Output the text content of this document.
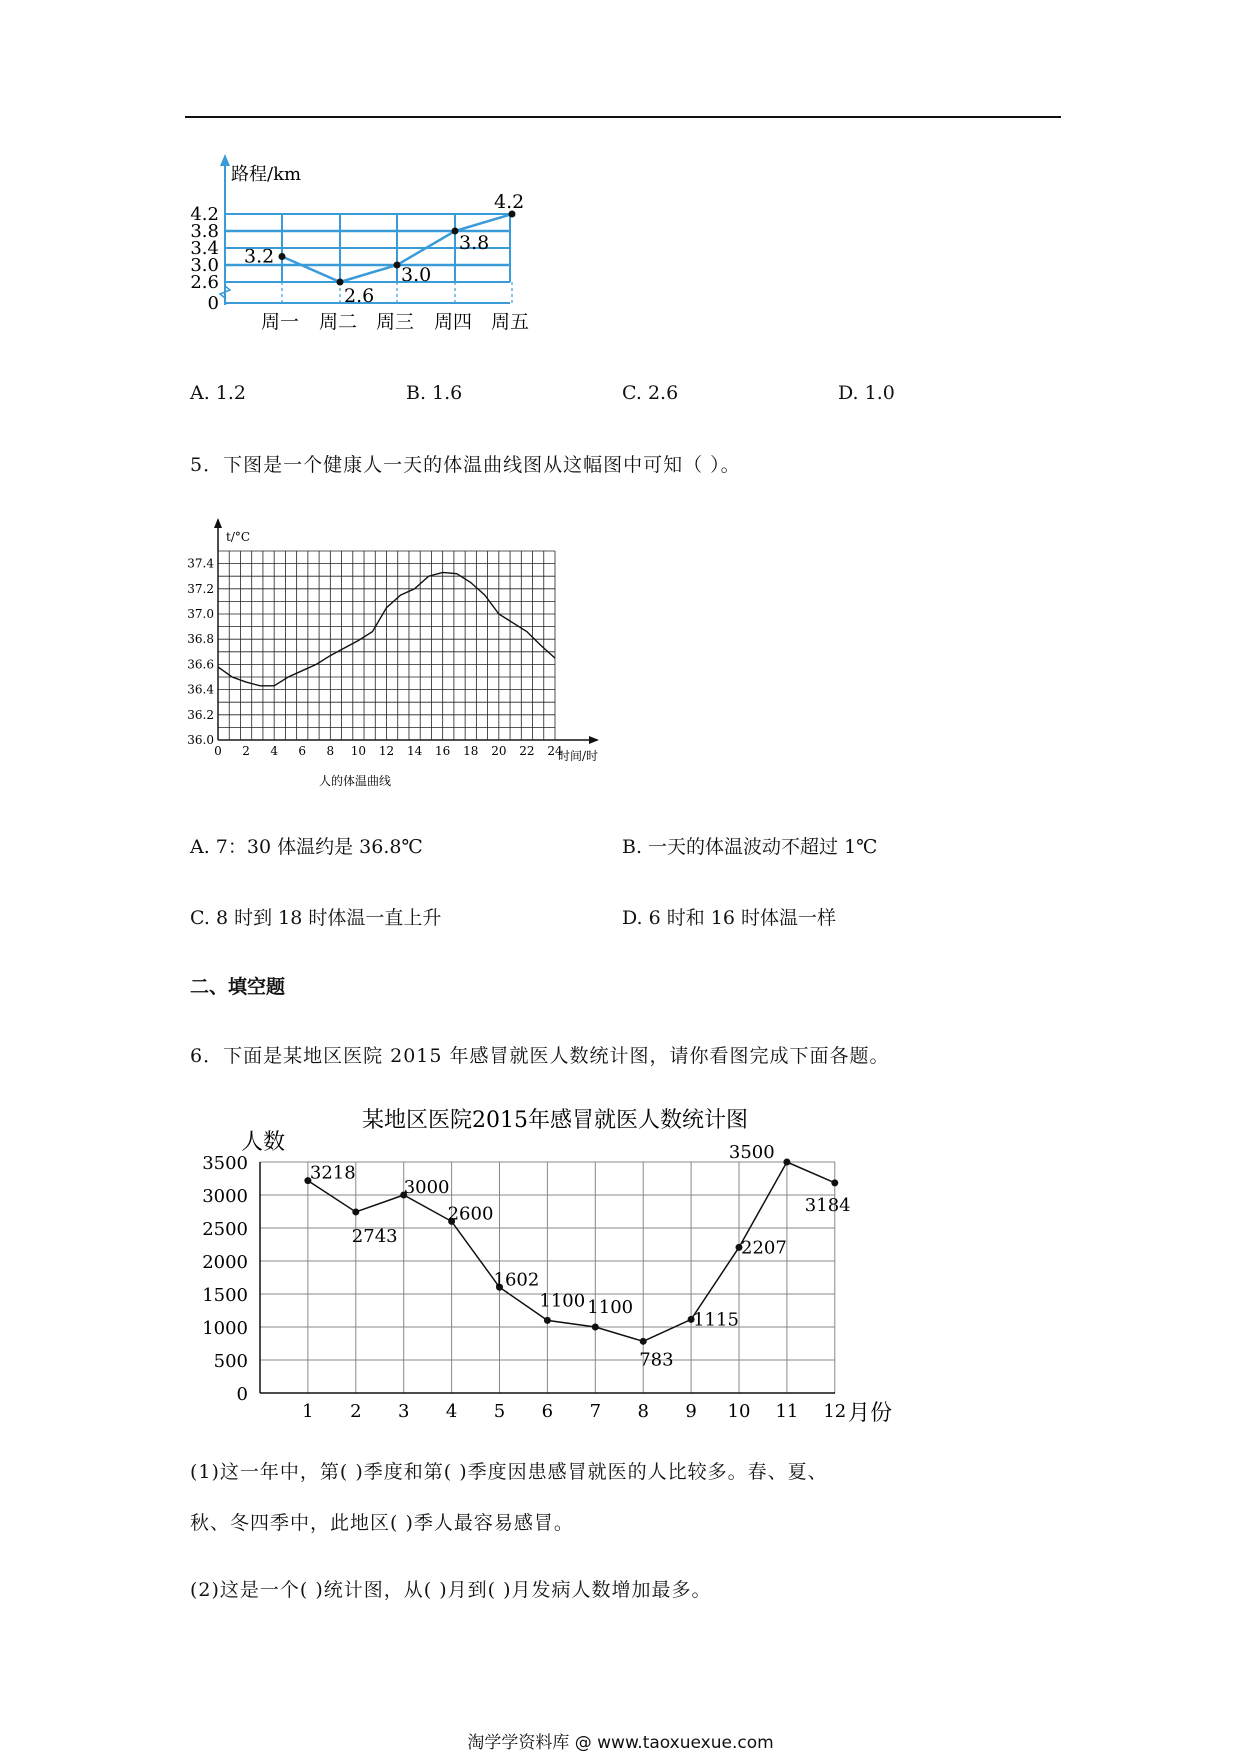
路程/km
4.2
3.8
3.4
3.0
2.6
0
3.2
2.6
3.0
3.8
4.2
周一 周二 周三 周四 周五
A. 1.2	B. 1.6	C. 2.6	D. 1.0
5．下图是一个健康人一天的体温曲线图从这幅图中可知（ ）。
t/°C
37.4
37.2
37.0
36.8
36.6
36.4
36.2
36.0
0 2 4 6 8 10 12 14 16 18 20 22 24
时间/时
人的体温曲线
A. 7：30 体温约是 36.8℃	B. 一天的体温波动不超过 1℃
C. 8 时到 18 时体温一直上升	D. 6 时和 16 时体温一样
二、填空题
6．下面是某地区医院 2015 年感冒就医人数统计图，请你看图完成下面各题。
某地区医院2015年感冒就医人数统计图
人数
3500
3000
2500
2000
1500
1000
500
0
1 2 3 4 5 6 7 8 9 10 11 12 月份
3218
2743
3000
2600
1602
1100 1100
783
1115
2207
3500
3184
(1)这一年中，第( )季度和第( )季度因患感冒就医的人比较多。春、夏、
秋、冬四季中，此地区( )季人最容易感冒。
(2)这是一个( )统计图，从( )月到( )月发病人数增加最多。
淘学学资料库 @ www.taoxuexue.com
